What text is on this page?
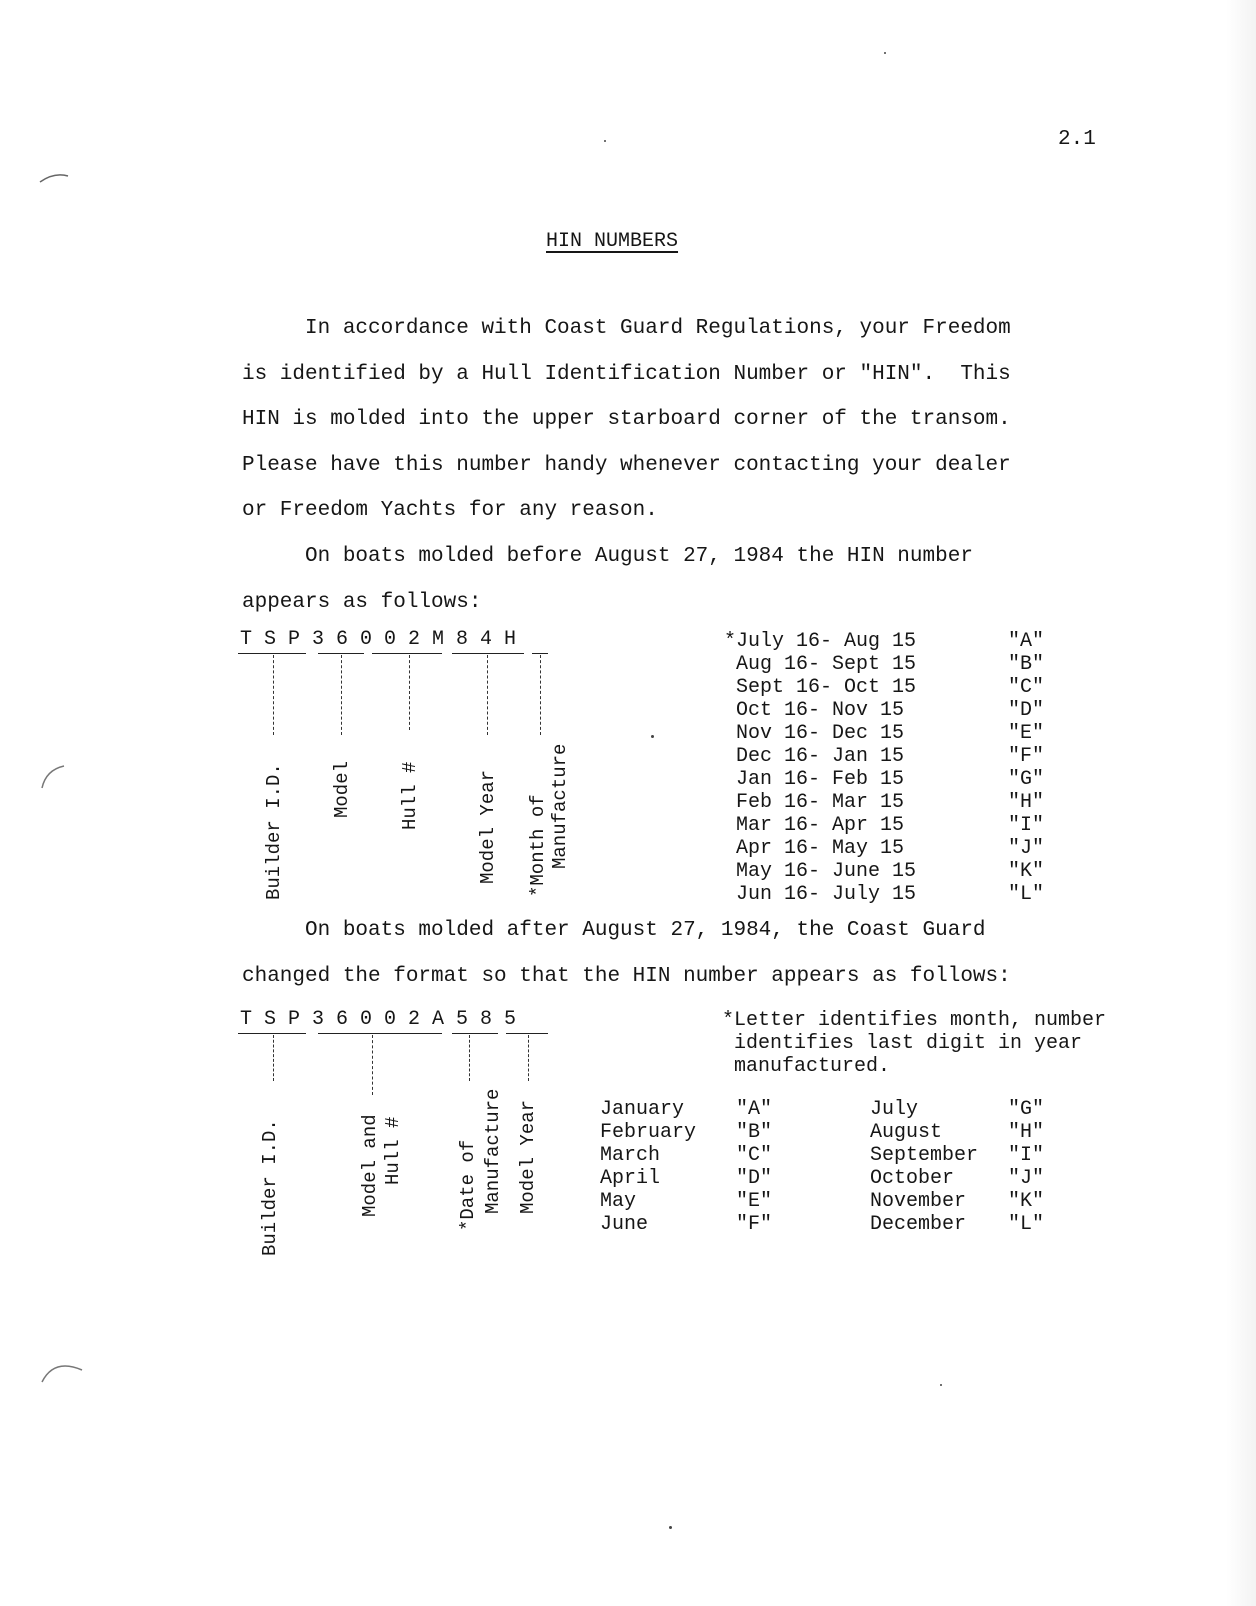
2.1
HIN NUMBERS

In accordance with Coast Guard Regulations, your Freedom

is identified by a Hull Identification Number or "HIN".  This

HIN is molded into the upper starboard corner of the transom.

Please have this number handy whenever contacting your dealer

or Freedom Yachts for any reason.

On boats molded before August 27, 1984 the HIN number

appears as follows:

T S P 3 6 0 0 2 M 8 4 H
Builder I.D. Model Hull #	Model Year *Month of Manufacture
*July 16- Aug 15	"A"
Aug 16- Sept 15	"B"
Sept 16- Oct 15	"C"
Oct 16- Nov 15	"D"
Nov 16- Dec 15	"E"
Dec 16- Jan 15	"F"
Jan 16- Feb 15	"G"
Feb 16- Mar 15	"H"
Mar 16- Apr 15	"I"
Apr 16- May 15	"J"
May 16- June 15	"K"
Jun 16- July 15	"L"

On boats molded after August 27, 1984, the Coast Guard

changed the format so that the HIN number appears as follows:

T S P 3 6 0 0 2 A 5 8 5
Builder I.D.	Model and Hull #	*Date of Manufacture Model Year
*Letter identifies month, number
identifies last digit in year
manufactured.
January	"A"	July	"G"
February "B"	August	"H"
March	"C"	September "I"
April	"D"	October	"J"
May	"E"	November "K"
June	"F"	December "L"
